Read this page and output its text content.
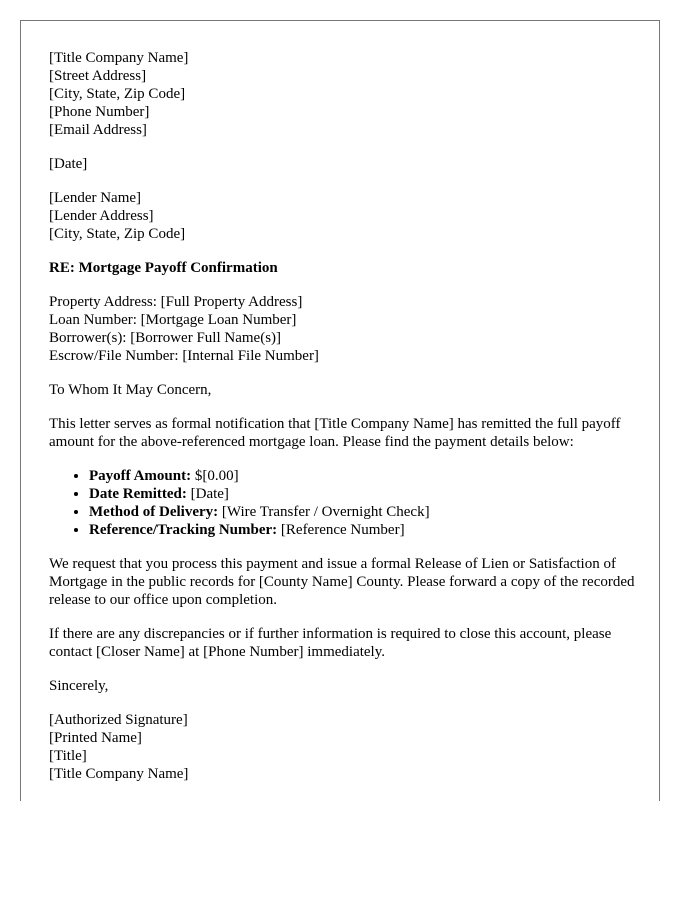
[Title Company Name]
[Street Address]
[City, State, Zip Code]
[Phone Number]
[Email Address]
[Date]
[Lender Name]
[Lender Address]
[City, State, Zip Code]
RE: Mortgage Payoff Confirmation
Property Address: [Full Property Address]
Loan Number: [Mortgage Loan Number]
Borrower(s): [Borrower Full Name(s)]
Escrow/File Number: [Internal File Number]

To Whom It May Concern,

This letter serves as formal notification that [Title Company Name] has remitted the full payoff amount for the above-referenced mortgage loan. Please find the payment details below:

• Payoff Amount: $[0.00]
• Date Remitted: [Date]
• Method of Delivery: [Wire Transfer / Overnight Check]
• Reference/Tracking Number: [Reference Number]

We request that you process this payment and issue a formal Release of Lien or Satisfaction of Mortgage in the public records for [County Name] County. Please forward a copy of the recorded release to our office upon completion.

If there are any discrepancies or if further information is required to close this account, please contact [Closer Name] at [Phone Number] immediately.

Sincerely,

[Authorized Signature]
[Printed Name]
[Title]
[Title Company Name]
